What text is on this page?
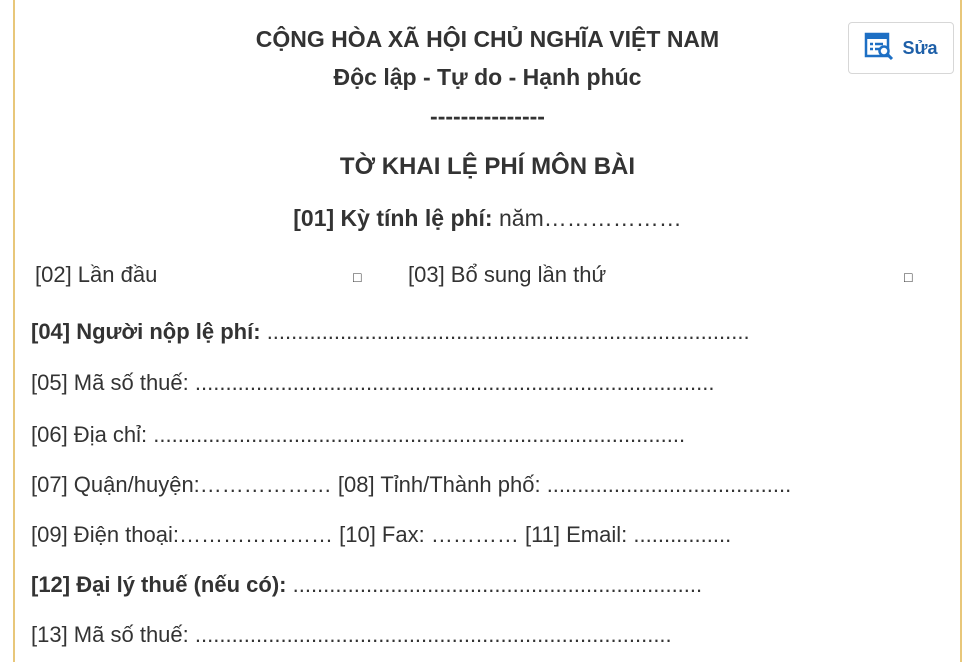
CỘNG HÒA XÃ HỘI CHỦ NGHĨA VIỆT NAM
Độc lập - Tự do - Hạnh phúc
---------------
TỜ KHAI LỆ PHÍ MÔN BÀI
[01] Kỳ tính lệ phí: năm………………
[02] Lần đầu	□ [03] Bổ sung lần thứ	□
[04] Người nộp lệ phí: ...............................................................................
[05] Mã số thuế: .....................................................................................
[06] Địa chỉ: .......................................................................................
[07] Quận/huyện:……………… [08] Tỉnh/Thành phố: ........................................
[09] Điện thoại:………………… [10] Fax: ………… [11] Email: ................
[12] Đại lý thuế (nếu có): ...................................................................
[13] Mã số thuế: ..............................................................................
Sửa
